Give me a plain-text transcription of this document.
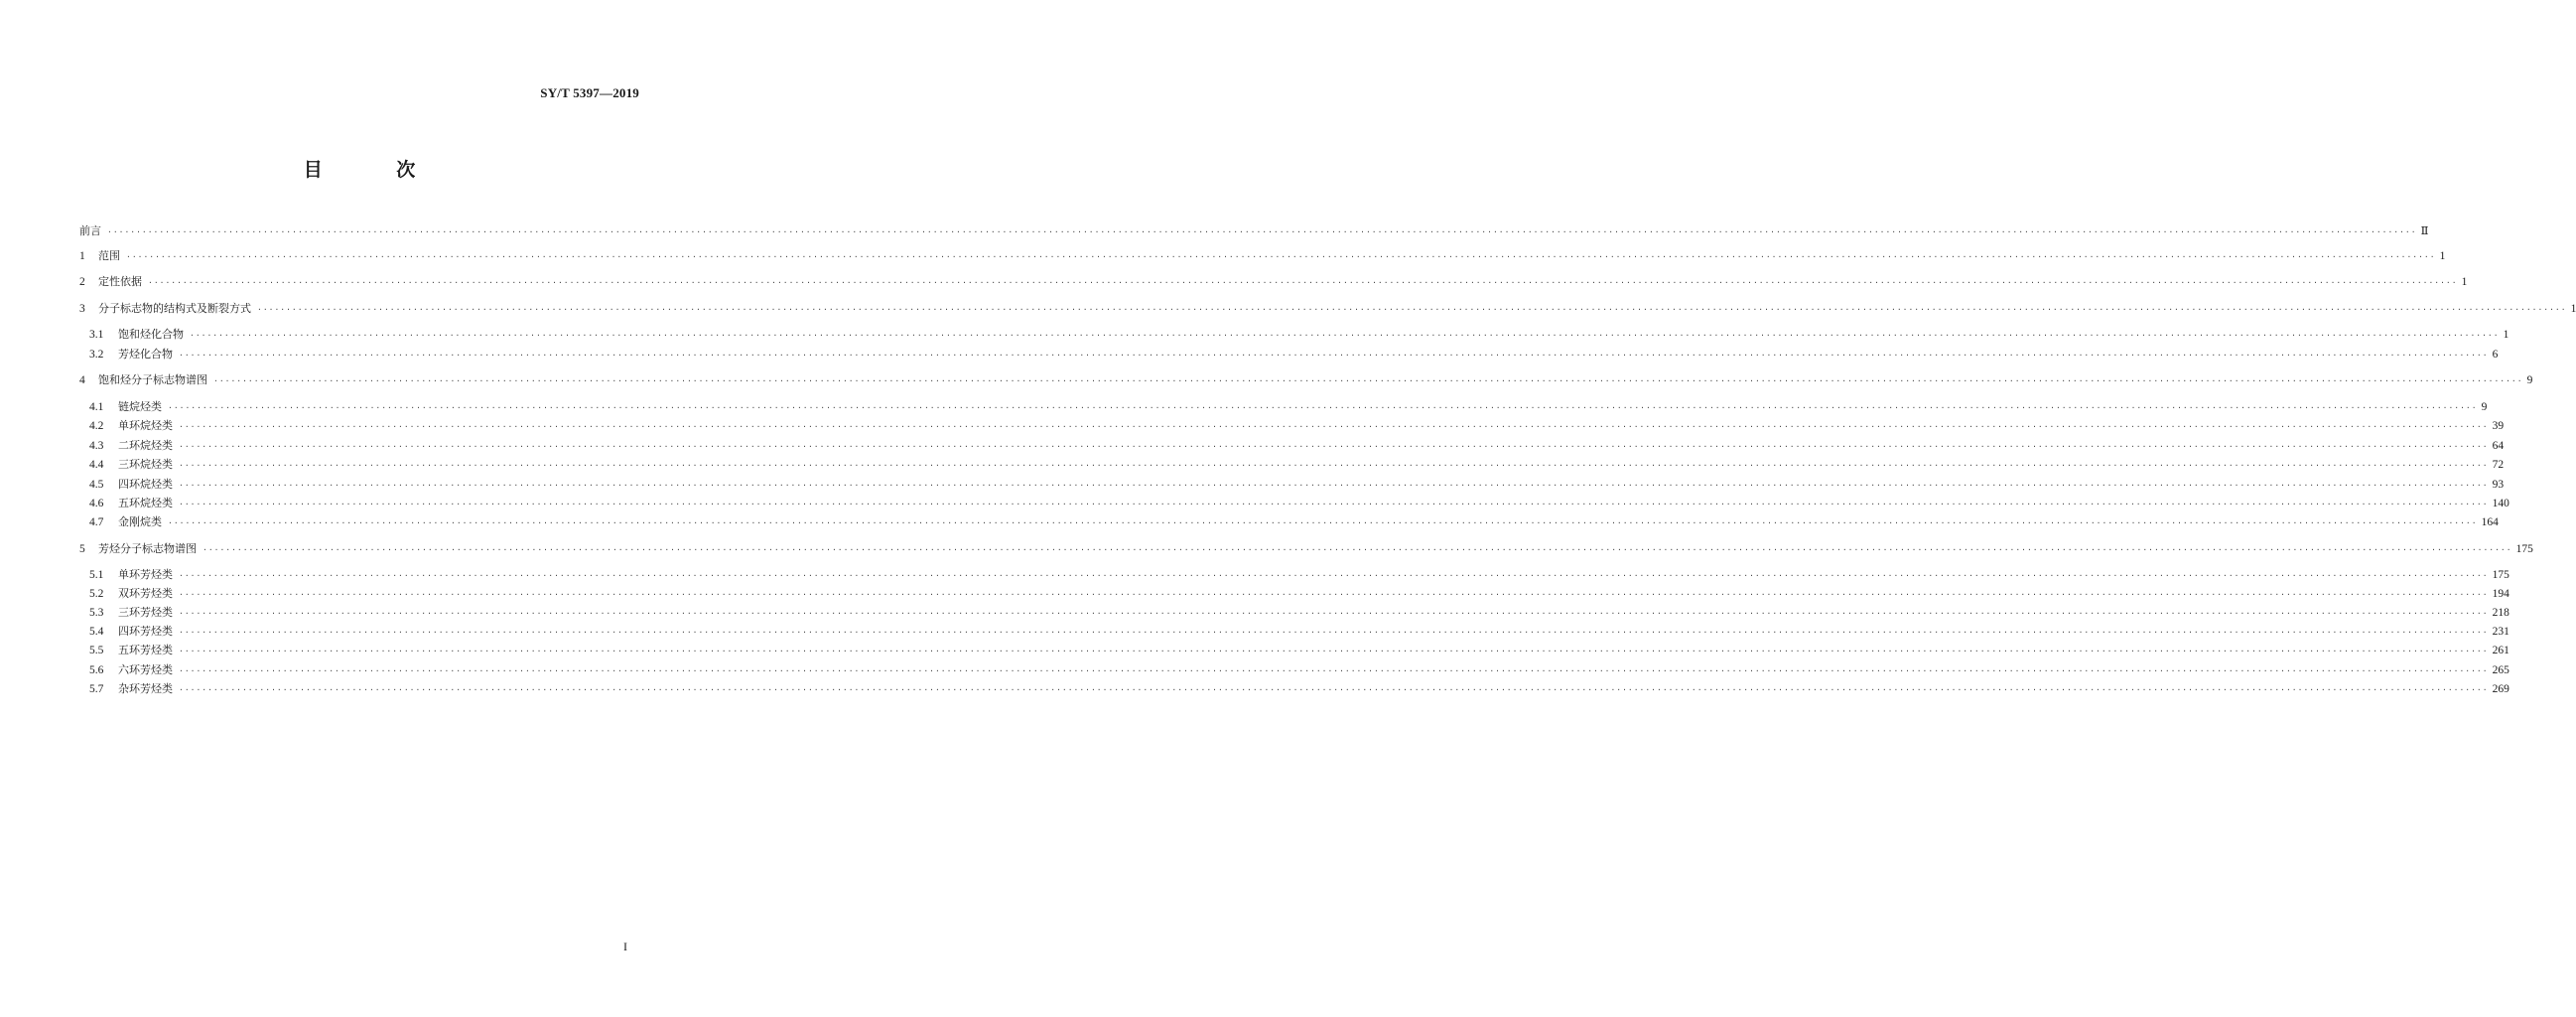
SY/T 5397—2019
目 次
前言 ················································································································································································································································································································································································································ Ⅱ
1	范围 ················································································································································································································································································································································································································ 1
2	定性依据 ················································································································································································································································································································································································································ 1
3	分子标志物的结构式及断裂方式 ················································································································································································································································································································································································································ 1
3.1	饱和烃化合物 ················································································································································································································································································································································································································ 1
3.2	芳烃化合物 ················································································································································································································································································································································································································ 6
4	饱和烃分子标志物谱图 ················································································································································································································································································································································································································ 9
4.1	链烷烃类 ················································································································································································································································································································································································································ 9
4.2	单环烷烃类 ················································································································································································································································································································································································································ 39
4.3	二环烷烃类 ················································································································································································································································································································································································································ 64
4.4	三环烷烃类 ················································································································································································································································································································································································································ 72
4.5	四环烷烃类 ················································································································································································································································································································································································································ 93
4.6	五环烷烃类 ················································································································································································································································································································································································································ 140
4.7	金刚烷类 ················································································································································································································································································································································································································ 164
5	芳烃分子标志物谱图 ················································································································································································································································································································································································································ 175
5.1	单环芳烃类 ················································································································································································································································································································································································································ 175
5.2	双环芳烃类 ················································································································································································································································································································································································································ 194
5.3	三环芳烃类 ················································································································································································································································································································································································································ 218
5.4	四环芳烃类 ················································································································································································································································································································································································································ 231
5.5	五环芳烃类 ················································································································································································································································································································································································································ 261
5.6	六环芳烃类 ················································································································································································································································································································································································································ 265
5.7	杂环芳烃类 ················································································································································································································································································································································································································ 269
I
